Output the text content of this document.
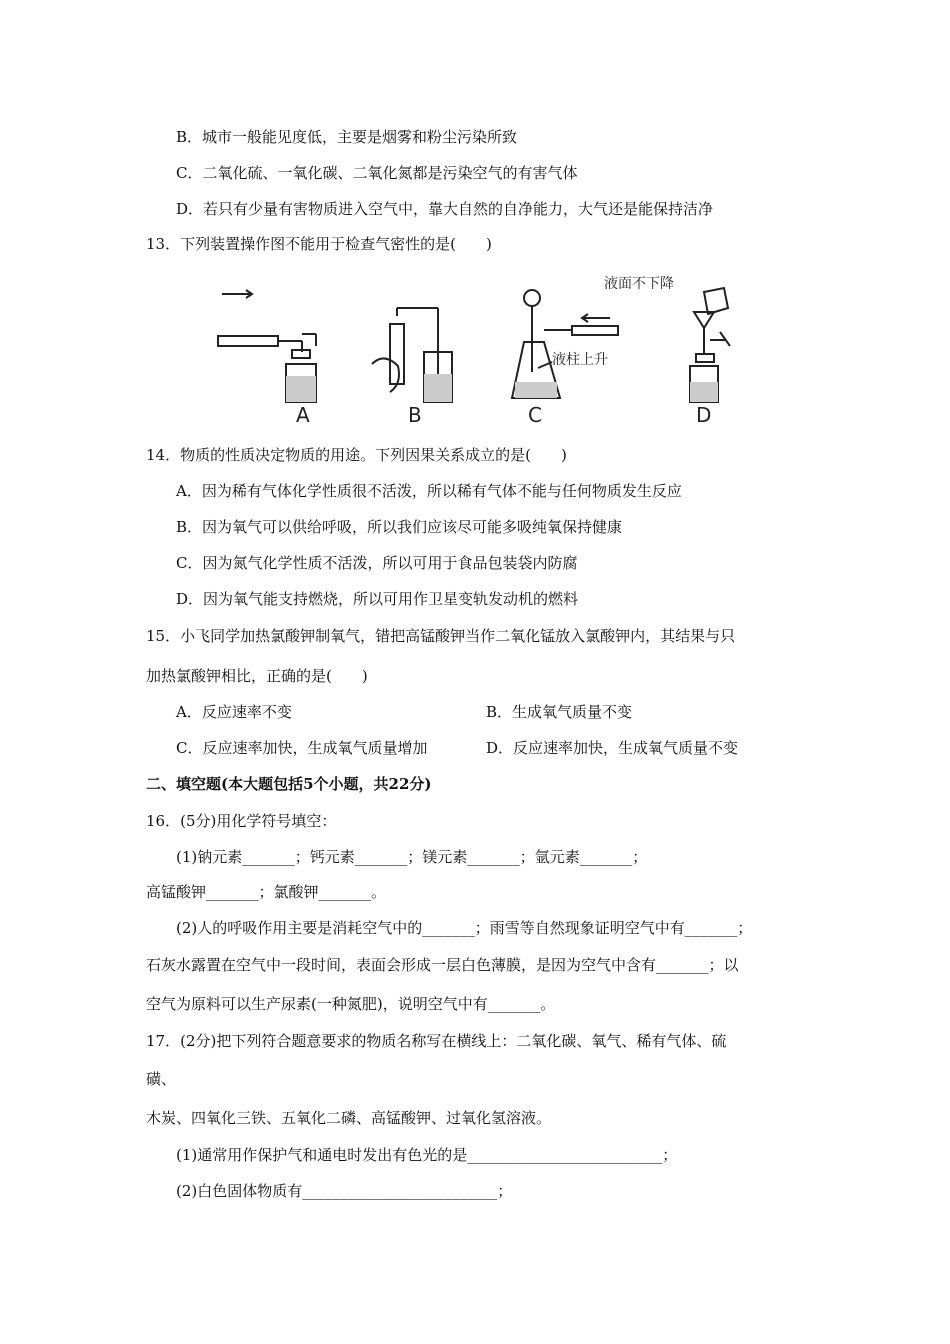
B．城市一般能见度低，主要是烟雾和粉尘污染所致
C．二氧化硫、一氧化碳、二氧化氮都是污染空气的有害气体
D．若只有少量有害物质进入空气中，靠大自然的自净能力，大气还是能保持洁净
13．下列装置操作图不能用于检查气密性的是(　　)
A	B
液柱上升
C
液面不下降
D
14．物质的性质决定物质的用途。下列因果关系成立的是(　　)
A．因为稀有气体化学性质很不活泼，所以稀有气体不能与任何物质发生反应
B．因为氧气可以供给呼吸，所以我们应该尽可能多吸纯氧保持健康
C．因为氮气化学性质不活泼，所以可用于食品包装袋内防腐
D．因为氧气能支持燃烧，所以可用作卫星变轨发动机的燃料
15．小飞同学加热氯酸钾制氧气，错把高锰酸钾当作二氧化锰放入氯酸钾内，其结果与只
加热氯酸钾相比，正确的是(　　)
A．反应速率不变	B．生成氧气质量不变
C．反应速率加快，生成氧气质量增加	D．反应速率加快，生成氧气质量不变
二、填空题(本大题包括5个小题，共22分)
16．(5分)用化学符号填空：
(1)钠元素_______；钙元素_______；镁元素_______；氩元素_______；
高锰酸钾_______；氯酸钾_______。
(2)人的呼吸作用主要是消耗空气中的_______；雨雪等自然现象证明空气中有_______；
石灰水露置在空气中一段时间，表面会形成一层白色薄膜，是因为空气中含有_______；以
空气为原料可以生产尿素(一种氮肥)，说明空气中有_______。
17．(2分)把下列符合题意要求的物质名称写在横线上：二氧化碳、氧气、稀有气体、硫
磺、
木炭、四氧化三铁、五氧化二磷、高锰酸钾、过氧化氢溶液。
(1)通常用作保护气和通电时发出有色光的是__________________________；
(2)白色固体物质有__________________________；
